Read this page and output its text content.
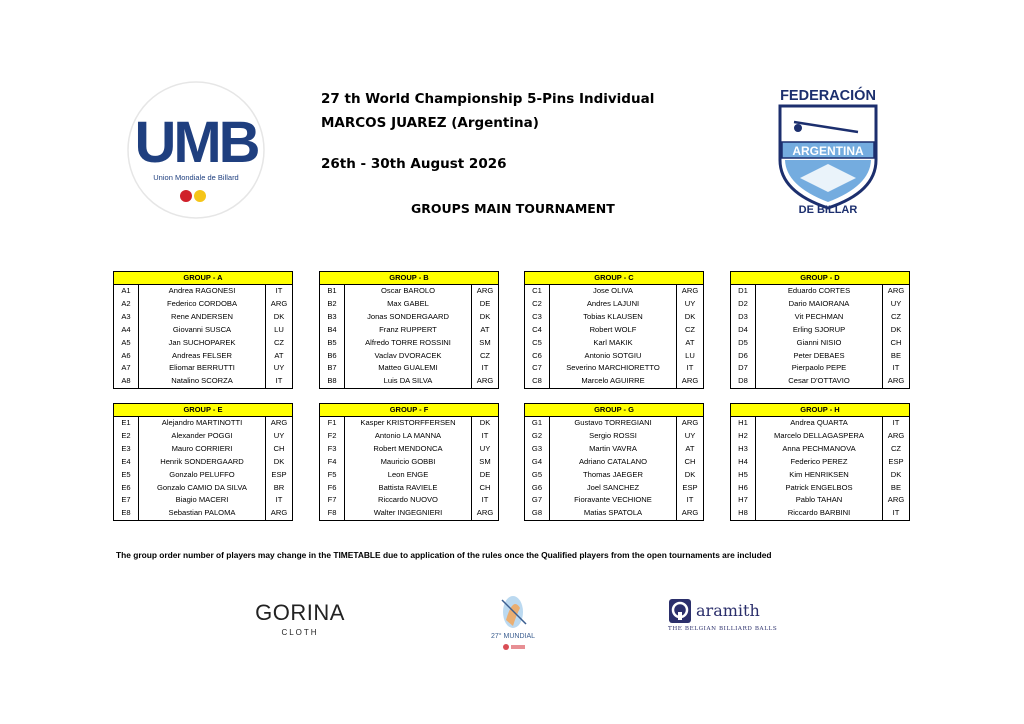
UMB
Union Mondiale de Billard
27 th World Championship 5-Pins Individual
MARCOS JUAREZ (Argentina)
26th - 30th August 2026
GROUPS MAIN TOURNAMENT
FEDERACIÓN
ARGENTINA
DE BILLAR
GROUP - A
A1	Andrea RAGONESI	IT
A2	Federico CORDOBA	ARG
A3	Rene ANDERSEN	DK
A4	Giovanni SUSCA	LU
A5	Jan SUCHOPAREK	CZ
A6	Andreas FELSER	AT
A7	Eliomar BERRUTTI	UY
A8	Natalino SCORZA	IT
GROUP - B
B1	Oscar BAROLO	ARG
B2	Max GABEL	DE
B3	Jonas SONDERGAARD	DK
B4	Franz RUPPERT	AT
B5	Alfredo TORRE ROSSINI	SM
B6	Vaclav DVORACEK	CZ
B7	Matteo GUALEMI	IT
B8	Luis DA SILVA	ARG
GROUP - C
C1	Jose OLIVA	ARG
C2	Andres LAJUNI	UY
C3	Tobias KLAUSEN	DK
C4	Robert WOLF	CZ
C5	Karl MAKIK	AT
C6	Antonio SOTGIU	LU
C7	Severino MARCHIORETTO	IT
C8	Marcelo AGUIRRE	ARG
GROUP - D
D1	Eduardo CORTES	ARG
D2	Dario MAIORANA	UY
D3	Vit PECHMAN	CZ
D4	Erling SJORUP	DK
D5	Gianni NISIO	CH
D6	Peter DEBAES	BE
D7	Pierpaolo PEPE	IT
D8	Cesar D'OTTAVIO	ARG
GROUP - E
E1	Alejandro MARTINOTTI	ARG
E2	Alexander POGGI	UY
E3	Mauro CORRIERI	CH
E4	Henrik SONDERGAARD	DK
E5	Gonzalo PELUFFO	ESP
E6	Gonzalo CAMIO DA SILVA	BR
E7	Biagio MACERI	IT
E8	Sebastian PALOMA	ARG
GROUP - F
F1	Kasper KRISTORFFERSEN	DK
F2	Antonio LA MANNA	IT
F3	Robert MENDONCA	UY
F4	Mauricio GOBBI	SM
F5	Leon ENGE	DE
F6	Battista RAVIELE	CH
F7	Riccardo NUOVO	IT
F8	Walter INGEGNIERI	ARG
GROUP - G
G1	Gustavo TORREGIANI	ARG
G2	Sergio ROSSI	UY
G3	Martin VAVRA	AT
G4	Adriano CATALANO	CH
G5	Thomas JAEGER	DK
G6	Joel SANCHEZ	ESP
G7	Fioravante VECHIONE	IT
G8	Matias SPATOLA	ARG
GROUP - H
H1	Andrea QUARTA	IT
H2	Marcelo DELLAGASPERA	ARG
H3	Anna PECHMANOVA	CZ
H4	Federico PEREZ	ESP
H5	Kim HENRIKSEN	DK
H6	Patrick ENGELBOS	BE
H7	Pablo TAHAN	ARG
H8	Riccardo BARBINI	IT
The group order number of players may change in the TIMETABLE due to application of the rules once the Qualified players from the open tournaments are included
GORINA
CLOTH	27° MUNDIAL
aramith
THE BELGIAN BILLIARD BALLS
